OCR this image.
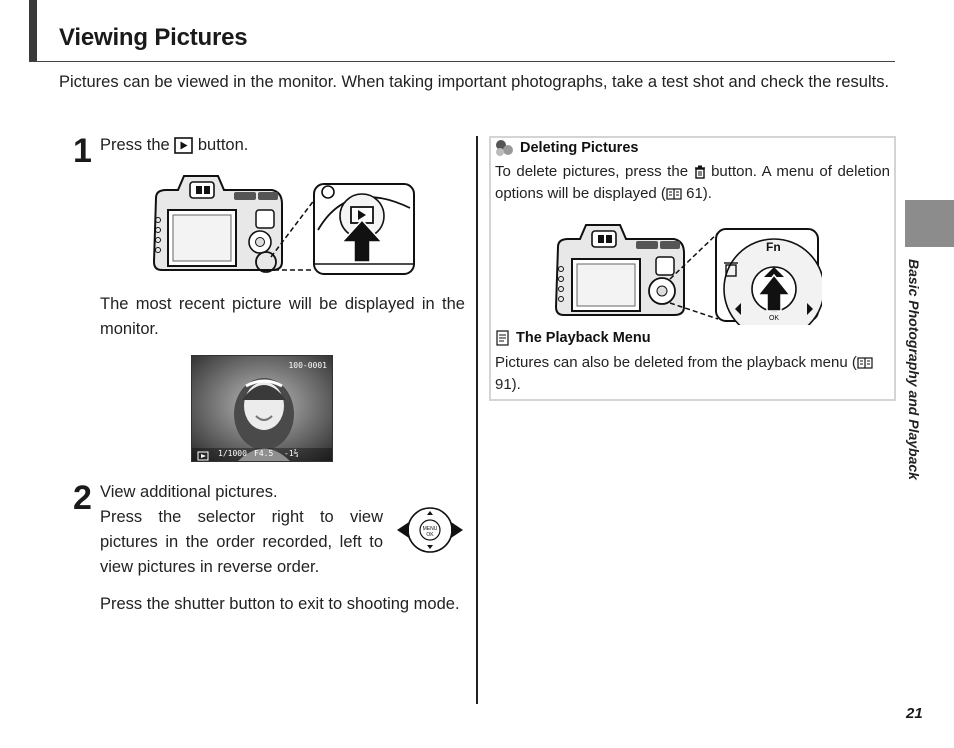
Viewing Pictures

Pictures can be viewed in the monitor. When taking important photographs, take a test shot and check the results.

1 Press the  button.

The most recent picture will be displayed in the monitor.

100-0001
1/1000 F4.5 -1⅔
2 View additional pictures.

Press the selector right to view pictures in the order recorded, left to view pictures in reverse order.

MENU
OK

Press the shutter button to exit to shooting mode.

Deleting Pictures

To delete pictures, press the  button. A menu of deletion options will be displayed ( 61).

Fn
OK
The Playback Menu

Pictures can also be deleted from the playback menu ( 91).	Basic Photography and Playback
21
